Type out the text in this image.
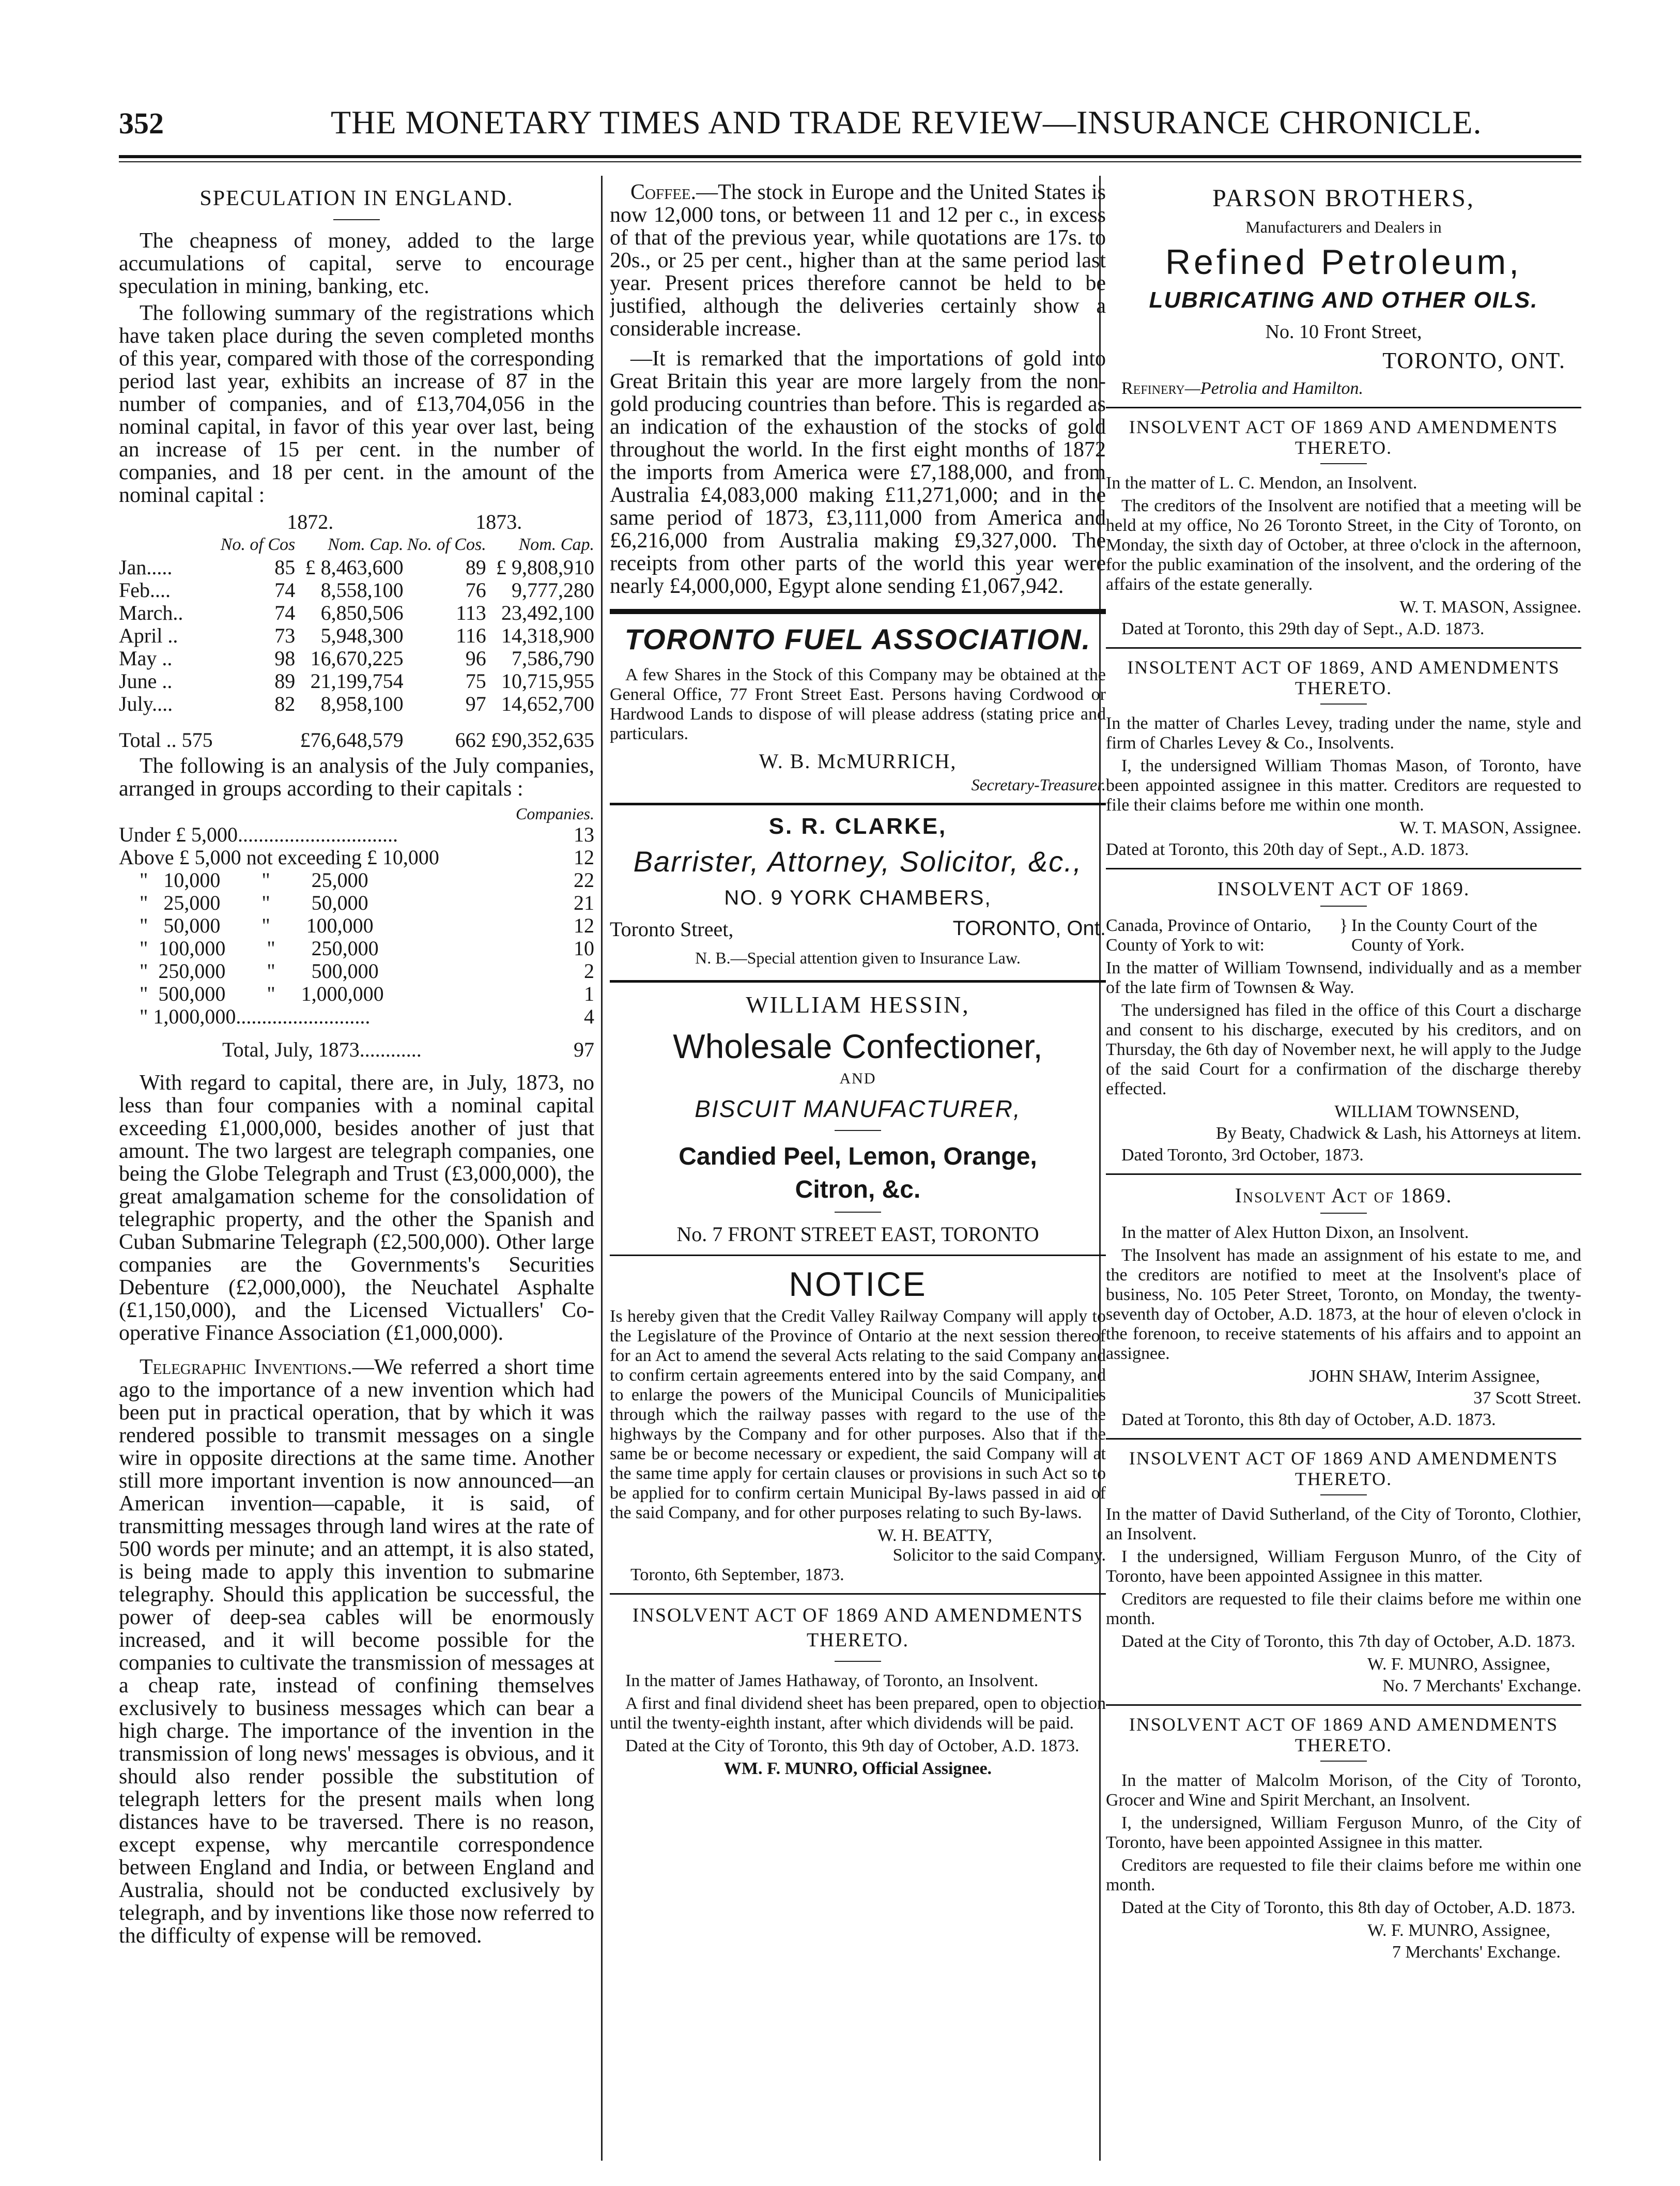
352	THE MONETARY TIMES AND TRADE REVIEW—INSURANCE CHRONICLE.
SPECULATION IN ENGLAND.

The cheapness of money, added to the large accumulations of capital, serve to encourage speculation in mining, banking, etc.

The following summary of the registrations which have taken place during the seven completed months of this year, compared with those of the corresponding period last year, exhibits an increase of 87 in the number of companies, and of £13,704,056 in the nominal capital, in favor of this year over last, being an increase of 15 per cent. in the number of companies, and 18 per cent. in the amount of the nominal capital :

	1872.		1873.	
	No. of Cos	Nom. Cap.	No. of Cos.	Nom. Cap.
Jan.....	85	£ 8,463,600	89	£ 9,808,910
Feb....	74	8,558,100	76	9,777,280
March..	74	6,850,506	113	23,492,100
April ..	73	5,948,300	116	14,318,900
May ..	98	16,670,225	96	7,586,790
June ..	89	21,199,754	75	10,715,955
July....	82	8,958,100	97	14,652,700
Total .. 575		£76,648,579	662	£90,352,635

The following is an analysis of the July companies, arranged in groups according to their capitals :

Companies.
Under £ 5,000...............................	13
Above £ 5,000 not exceeding £ 10,000	12
"   10,000        "        25,000	22
"   25,000        "        50,000	21
"   50,000        "       100,000	12
"  100,000        "       250,000	10
"  250,000        "       500,000	2
"  500,000        "     1,000,000	1
" 1,000,000..........................	4
Total, July, 1873............	97

With regard to capital, there are, in July, 1873, no less than four companies with a nominal capital exceeding £1,000,000, besides another of just that amount. The two largest are telegraph companies, one being the Globe Telegraph and Trust (£3,000,000), the great amalgamation scheme for the consolidation of telegraphic property, and the other the Spanish and Cuban Submarine Telegraph (£2,500,000). Other large companies are the Governments's Securities Debenture (£2,000,000), the Neuchatel Asphalte (£1,150,000), and the Licensed Victuallers' Co-operative Finance Association (£1,000,000).

Telegraphic Inventions.—We referred a short time ago to the importance of a new invention which had been put in practical operation, that by which it was rendered possible to transmit messages on a single wire in opposite directions at the same time. Another still more important invention is now announced—an American invention—capable, it is said, of transmitting messages through land wires at the rate of 500 words per minute; and an attempt, it is also stated, is being made to apply this invention to submarine telegraphy. Should this application be successful, the power of deep-sea cables will be enormously increased, and it will become possible for the companies to cultivate the transmission of messages at a cheap rate, instead of confining themselves exclusively to business messages which can bear a high charge. The importance of the invention in the transmission of long news' messages is obvious, and it should also render possible the substitution of telegraph letters for the present mails when long distances have to be traversed. There is no reason, except expense, why mercantile correspondence between England and India, or between England and Australia, should not be conducted exclusively by telegraph, and by inventions like those now referred to the difficulty of expense will be removed.

Coffee.—The stock in Europe and the United States is now 12,000 tons, or between 11 and 12 per c., in excess of that of the previous year, while quotations are 17s. to 20s., or 25 per cent., higher than at the same period last year. Present prices therefore cannot be held to be justified, although the deliveries certainly show a considerable increase.

—It is remarked that the importations of gold into Great Britain this year are more largely from the non-gold producing countries than before. This is regarded as an indication of the exhaustion of the stocks of gold throughout the world. In the first eight months of 1872 the imports from America were £7,188,000, and from Australia £4,083,000 making £11,271,000; and in the same period of 1873, £3,111,000 from America and £6,216,000 from Australia making £9,327,000. The receipts from other parts of the world this year were nearly £4,000,000, Egypt alone sending £1,067,942.

TORONTO FUEL ASSOCIATION.

A few Shares in the Stock of this Company may be obtained at the General Office, 77 Front Street East. Persons having Cordwood or Hardwood Lands to dispose of will please address (stating price and particulars.

W. B. McMURRICH,
Secretary-Treasurer.
S. R. CLARKE,
Barrister, Attorney, Solicitor, &c.,
NO. 9 YORK CHAMBERS,
Toronto Street,	TORONTO, Ont.
N. B.—Special attention given to Insurance Law.
WILLIAM HESSIN,
Wholesale Confectioner,
AND
BISCUIT MANUFACTURER,
Candied Peel, Lemon, Orange,
Citron, &c.
No. 7 FRONT STREET EAST, TORONTO
NOTICE

Is hereby given that the Credit Valley Railway Company will apply to the Legislature of the Province of Ontario at the next session thereof for an Act to amend the several Acts relating to the said Company and to confirm certain agreements entered into by the said Company, and to enlarge the powers of the Municipal Councils of Municipalities through which the railway passes with regard to the use of the highways by the Company and for other purposes. Also that if the same be or become necessary or expedient, the said Company will at the same time apply for certain clauses or provisions in such Act so to be applied for to confirm certain Municipal By-laws passed in aid of the said Company, and for other purposes relating to such By-laws.

W. H. BEATTY,
Solicitor to the said Company.
Toronto, 6th September, 1873.
INSOLVENT ACT OF 1869 AND AMENDMENTS THERETO.

In the matter of James Hathaway, of Toronto, an Insolvent.

A first and final dividend sheet has been prepared, open to objection until the twenty-eighth instant, after which dividends will be paid.

Dated at the City of Toronto, this 9th day of October, A.D. 1873.

WM. F. MUNRO, Official Assignee.
PARSON BROTHERS,
Manufacturers and Dealers in
Refined Petroleum,
LUBRICATING AND OTHER OILS.
No. 10 Front Street,
TORONTO, ONT.
Refinery—Petrolia and Hamilton.
INSOLVENT ACT OF 1869 AND AMENDMENTS THERETO.

In the matter of L. C. Mendon, an Insolvent.

The creditors of the Insolvent are notified that a meeting will be held at my office, No 26 Toronto Street, in the City of Toronto, on Monday, the sixth day of October, at three o'clock in the afternoon, for the public examination of the insolvent, and the ordering of the affairs of the estate generally.

W. T. MASON, Assignee.
Dated at Toronto, this 29th day of Sept., A.D. 1873.
INSOLTENT ACT OF 1869, AND AMENDMENTS THERETO.

In the matter of Charles Levey, trading under the name, style and firm of Charles Levey & Co., Insolvents.

I, the undersigned William Thomas Mason, of Toronto, have been appointed assignee in this matter. Creditors are requested to file their claims before me within one month.

W. T. MASON, Assignee.
Dated at Toronto, this 20th day of Sept., A.D. 1873.
INSOLVENT ACT OF 1869.
Canada, Province of Ontario, County of York to wit:
} In the County Court of the County of York.

In the matter of William Townsend, individually and as a member of the late firm of Townsen & Way.

The undersigned has filed in the office of this Court a discharge and consent to his discharge, executed by his creditors, and on Thursday, the 6th day of November next, he will apply to the Judge of the said Court for a confirmation of the discharge thereby effected.

WILLIAM TOWNSEND,
By Beaty, Chadwick & Lash, his Attorneys at litem.
Dated Toronto, 3rd October, 1873.
Insolvent Act of 1869.

In the matter of Alex Hutton Dixon, an Insolvent.

The Insolvent has made an assignment of his estate to me, and the creditors are notified to meet at the Insolvent's place of business, No. 105 Peter Street, Toronto, on Monday, the twenty-seventh day of October, A.D. 1873, at the hour of eleven o'clock in the forenoon, to receive statements of his affairs and to appoint an assignee.

JOHN SHAW, Interim Assignee,
37 Scott Street.
Dated at Toronto, this 8th day of October, A.D. 1873.
INSOLVENT ACT OF 1869 AND AMENDMENTS THERETO.

In the matter of David Sutherland, of the City of Toronto, Clothier, an Insolvent.

I the undersigned, William Ferguson Munro, of the City of Toronto, have been appointed Assignee in this matter.

Creditors are requested to file their claims before me within one month.

Dated at the City of Toronto, this 7th day of October, A.D. 1873.

W. F. MUNRO, Assignee,
No. 7 Merchants' Exchange.
INSOLVENT ACT OF 1869 AND AMENDMENTS THERETO.

In the matter of Malcolm Morison, of the City of Toronto, Grocer and Wine and Spirit Merchant, an Insolvent.

I, the undersigned, William Ferguson Munro, of the City of Toronto, have been appointed Assignee in this matter.

Creditors are requested to file their claims before me within one month.

Dated at the City of Toronto, this 8th day of October, A.D. 1873.

W. F. MUNRO, Assignee,
7 Merchants' Exchange.
